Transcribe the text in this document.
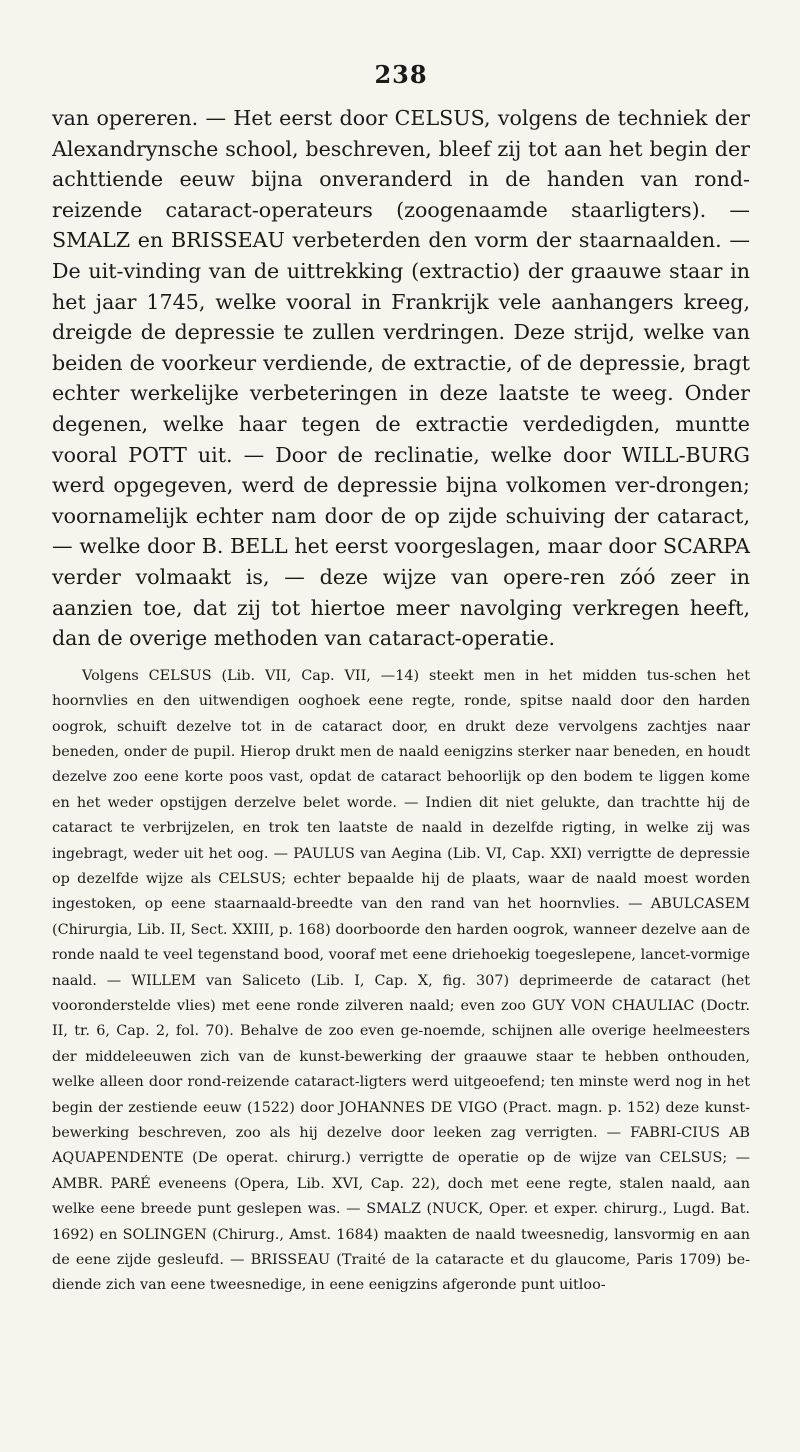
238

van opereren. — Het eerst door CELSUS, volgens de techniek der Alexandrynsche school, beschreven, bleef zij tot aan het begin der achttiende eeuw bijna onveranderd in de handen van rond-reizende cataract-operateurs (zoogenaamde staarligters). — SMALZ en BRISSEAU verbeterden den vorm der staarnaalden. — De uit-vinding van de uittrekking (extractio) der graauwe staar in het jaar 1745, welke vooral in Frankrijk vele aanhangers kreeg, dreigde de depressie te zullen verdringen. Deze strijd, welke van beiden de voorkeur verdiende, de extractie, of de depressie, bragt echter werkelijke verbeteringen in deze laatste te weeg. Onder degenen, welke haar tegen de extractie verdedigden, muntte vooral POTT uit. — Door de reclinatie, welke door WILL-BURG werd opgegeven, werd de depressie bijna volkomen ver-drongen; voornamelijk echter nam door de op zijde schuiving der cataract, — welke door B. BELL het eerst voorgeslagen, maar door SCARPA verder volmaakt is, — deze wijze van opere-ren zóó zeer in aanzien toe, dat zij tot hiertoe meer navolging verkregen heeft, dan de overige methoden van cataract-operatie.

Volgens CELSUS (Lib. VII, Cap. VII, —14) steekt men in het midden tus-schen het hoornvlies en den uitwendigen ooghoek eene regte, ronde, spitse naald door den harden oogrok, schuift dezelve tot in de cataract door, en drukt deze vervolgens zachtjes naar beneden, onder de pupil. Hierop drukt men de naald eenigzins sterker naar beneden, en houdt dezelve zoo eene korte poos vast, opdat de cataract behoorlijk op den bodem te liggen kome en het weder opstijgen derzelve belet worde. — Indien dit niet gelukte, dan trachtte hij de cataract te verbrijzelen, en trok ten laatste de naald in dezelfde rigting, in welke zij was ingebragt, weder uit het oog. — PAULUS van Aegina (Lib. VI, Cap. XXI) verrigtte de depressie op dezelfde wijze als CELSUS; echter bepaalde hij de plaats, waar de naald moest worden ingestoken, op eene staarnaald-breedte van den rand van het hoornvlies. — ABULCASEM (Chirurgia, Lib. II, Sect. XXIII, p. 168) doorboorde den harden oogrok, wanneer dezelve aan de ronde naald te veel tegenstand bood, vooraf met eene driehoekig toegeslepene, lancet-vormige naald. — WILLEM van Saliceto (Lib. I, Cap. X, fig. 307) deprimeerde de cataract (het vooronderstelde vlies) met eene ronde zilveren naald; even zoo GUY VON CHAULIAC (Doctr. II, tr. 6, Cap. 2, fol. 70). Behalve de zoo even ge-noemde, schijnen alle overige heelmeesters der middeleeuwen zich van de kunst-bewerking der graauwe staar te hebben onthouden, welke alleen door rond-reizende cataract-ligters werd uitgeoefend; ten minste werd nog in het begin der zestiende eeuw (1522) door JOHANNES DE VIGO (Pract. magn. p. 152) deze kunst-bewerking beschreven, zoo als hij dezelve door leeken zag verrigten. — FABRI-CIUS AB AQUAPENDENTE (De operat. chirurg.) verrigtte de operatie op de wijze van CELSUS; — AMBR. PARÉ eveneens (Opera, Lib. XVI, Cap. 22), doch met eene regte, stalen naald, aan welke eene breede punt geslepen was. — SMALZ (NUCK, Oper. et exper. chirurg., Lugd. Bat. 1692) en SOLINGEN (Chirurg., Amst. 1684) maakten de naald tweesnedig, lansvormig en aan de eene zijde gesleufd. — BRISSEAU (Traité de la cataracte et du glaucome, Paris 1709) be-diende zich van eene tweesnedige, in eene eenigzins afgeronde punt uitloo-
